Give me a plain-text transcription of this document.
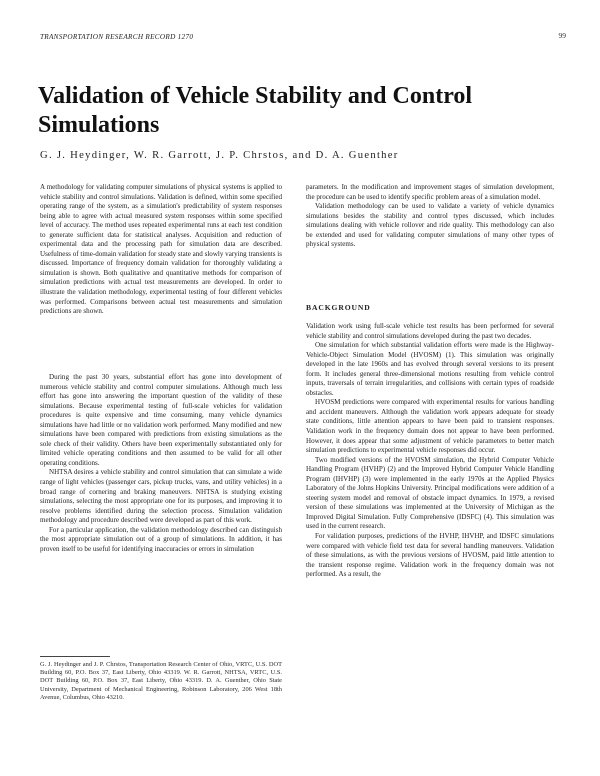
TRANSPORTATION RESEARCH RECORD 1270	99
Validation of Vehicle Stability and Control Simulations
G. J. Heydinger, W. R. Garrott, J. P. Chrstos, and D. A. Guenther

A methodology for validating computer simulations of physical systems is applied to vehicle stability and control simulations. Validation is defined, within some specified operating range of the system, as a simulation's predictability of system responses being able to agree with actual measured system responses within some specified level of accuracy. The method uses repeated experimental runs at each test condition to generate sufficient data for statistical analyses. Acquisition and reduction of experimental data and the processing path for simulation data are described. Usefulness of time-domain validation for steady state and slowly varying transients is discussed. Importance of frequency domain validation for thoroughly validating a simulation is shown. Both qualitative and quantitative methods for comparison of simulation predictions with actual test measurements are developed. In order to illustrate the validation methodology, experimental testing of four different vehicles was performed. Comparisons between actual test measurements and simulation predictions are shown.

During the past 30 years, substantial effort has gone into development of numerous vehicle stability and control computer simulations. Although much less effort has gone into answering the important question of the validity of these simulations. Because experimental testing of full-scale vehicles for validation procedures is quite expensive and time consuming, many vehicle dynamics simulations have had little or no validation work performed. Many modified and new simulations have been compared with predictions from existing simulations as the sole check of their validity. Others have been experimentally substantiated only for limited vehicle operating conditions and then assumed to be valid for all other operating conditions.

NHTSA desires a vehicle stability and control simulation that can simulate a wide range of light vehicles (passenger cars, pickup trucks, vans, and utility vehicles) in a broad range of cornering and braking maneuvers. NHTSA is studying existing simulations, selecting the most appropriate one for its purposes, and improving it to resolve problems identified during the selection process. Simulation validation methodology and procedure described were developed as part of this work.

For a particular application, the validation methodology described can distinguish the most appropriate simulation out of a group of simulations. In addition, it has proven itself to be useful for identifying inaccuracies or errors in simulation

parameters. In the modification and improvement stages of simulation development, the procedure can be used to identify specific problem areas of a simulation model.

Validation methodology can be used to validate a variety of vehicle dynamics simulations besides the stability and control types discussed, which includes simulations dealing with vehicle rollover and ride quality. This methodology can also be extended and used for validating computer simulations of many other types of physical systems.

BACKGROUND

Validation work using full-scale vehicle test results has been performed for several vehicle stability and control simulations developed during the past two decades.

One simulation for which substantial validation efforts were made is the Highway-Vehicle-Object Simulation Model (HVOSM) (1). This simulation was originally developed in the late 1960s and has evolved through several versions to its present form. It includes general three-dimensional motions resulting from vehicle control inputs, traversals of terrain irregularities, and collisions with certain types of roadside obstacles.

HVOSM predictions were compared with experimental results for various handling and accident maneuvers. Although the validation work appears adequate for steady state conditions, little attention appears to have been paid to transient responses. Validation work in the frequency domain does not appear to have been performed. However, it does appear that some adjustment of vehicle parameters to better match simulation predictions to experimental vehicle responses did occur.

Two modified versions of the HVOSM simulation, the Hybrid Computer Vehicle Handling Program (HVHP) (2) and the Improved Hybrid Computer Vehicle Handling Program (IHVHP) (3) were implemented in the early 1970s at the Applied Physics Laboratory of the Johns Hopkins University. Principal modifications were addition of a steering system model and removal of obstacle impact dynamics. In 1979, a revised version of these simulations was implemented at the University of Michigan as the Improved Digital Simulation. Fully Comprehensive (IDSFC) (4). This simulation was used in the current research.

For validation purposes, predictions of the HVHP, IHVHP, and IDSFC simulations were compared with vehicle field test data for several handling maneuvers. Validation of these simulations, as with the previous versions of HVOSM, paid little attention to the transient response regime. Validation work in the frequency domain was not performed. As a result, the

G. J. Heydinger and J. P. Chrstos, Transportation Research Center of Ohio, VRTC, U.S. DOT Building 60, P.O. Box 37, East Liberty, Ohio 43319. W. R. Garrott, NHTSA, VRTC, U.S. DOT Building 60, P.O. Box 37, East Liberty, Ohio 43319. D. A. Guenther, Ohio State University, Department of Mechanical Engineering, Robinson Laboratory, 206 West 18th Avenue, Columbus, Ohio 43210.
